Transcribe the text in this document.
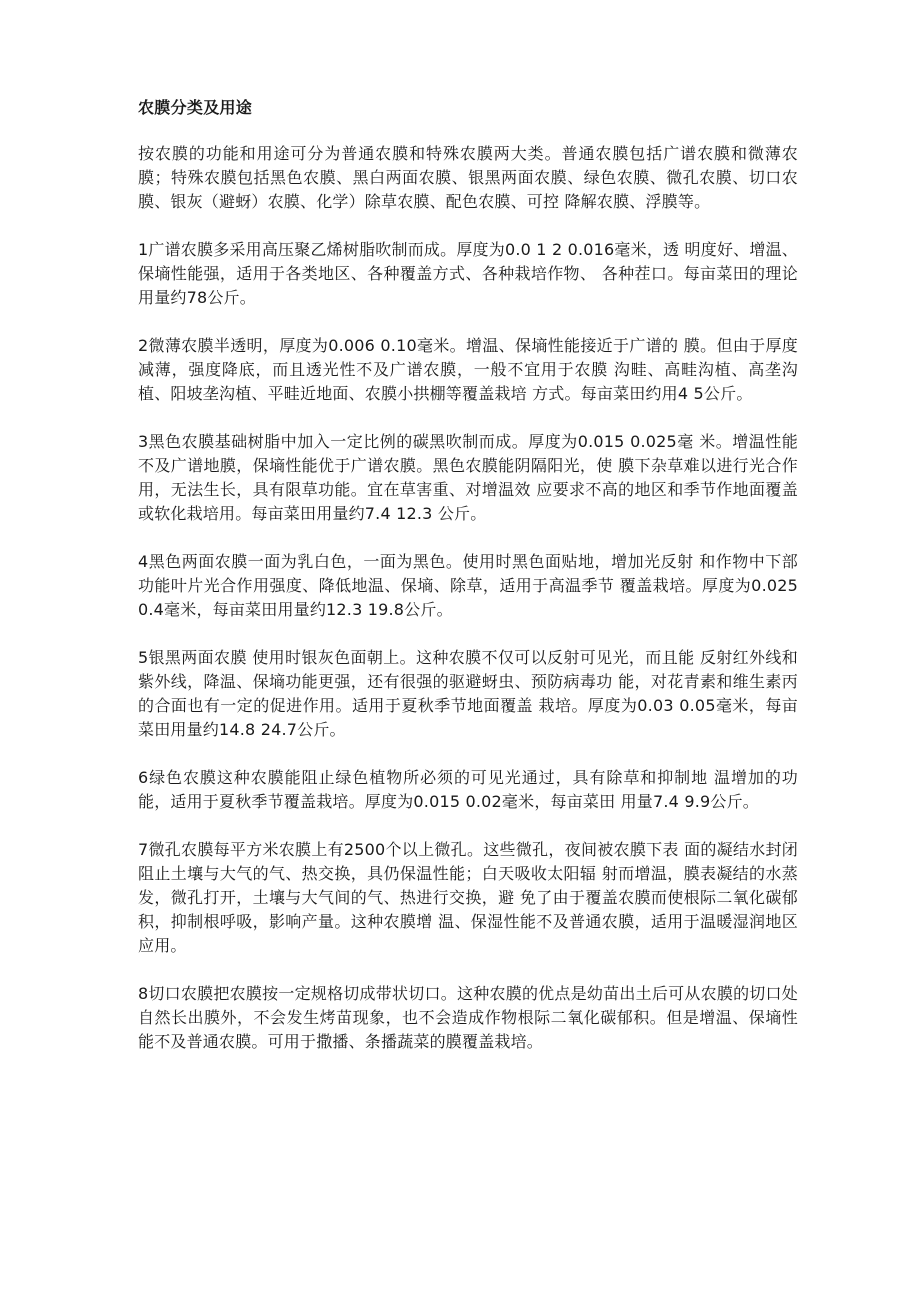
农膜分类及用途

按农膜的功能和用途可分为普通农膜和特殊农膜两大类。普通农膜包括广谱农膜和微薄农膜；特殊农膜包括黑色农膜、黑白两面农膜、银黑两面农膜、绿色农膜、微孔农膜、切口农膜、银灰（避蚜）农膜、化学）除草农膜、配色农膜、可控 降解农膜、浮膜等。

1广谱农膜多采用高压聚乙烯树脂吹制而成。厚度为0.0 1 2 0.016毫米，透 明度好、增温、保墒性能强，适用于各类地区、各种覆盖方式、各种栽培作物、 各种茬口。每亩菜田的理论用量约78公斤。

2微薄农膜半透明，厚度为0.006 0.10毫米。增温、保墒性能接近于广谱的 膜。但由于厚度减薄，强度降底，而且透光性不及广谱农膜，一般不宜用于农膜 沟畦、高畦沟植、高垄沟植、阳坡垄沟植、平畦近地面、农膜小拱棚等覆盖栽培 方式。每亩菜田约用4 5公斤。

3黑色农膜基础树脂中加入一定比例的碳黑吹制而成。厚度为0.015 0.025毫 米。增温性能不及广谱地膜，保墒性能优于广谱农膜。黑色农膜能阴隔阳光，使 膜下杂草难以进行光合作用，无法生长，具有限草功能。宜在草害重、对增温效 应要求不高的地区和季节作地面覆盖或软化栽培用。每亩菜田用量约7.4 12.3 公斤。

4黑色两面农膜一面为乳白色，一面为黑色。使用时黑色面贴地，增加光反射 和作物中下部功能叶片光合作用强度、降低地温、保墒、除草，适用于高温季节 覆盖栽培。厚度为0.025 0.4毫米，每亩菜田用量约12.3 19.8公斤。

5银黑两面农膜 使用时银灰色面朝上。这种农膜不仅可以反射可见光，而且能 反射红外线和紫外线，降温、保墒功能更强，还有很强的驱避蚜虫、预防病毒功 能，对花青素和维生素丙的合面也有一定的促进作用。适用于夏秋季节地面覆盖 栽培。厚度为0.03 0.05毫米，每亩菜田用量约14.8 24.7公斤。

6绿色农膜这种农膜能阻止绿色植物所必须的可见光通过，具有除草和抑制地 温增加的功能，适用于夏秋季节覆盖栽培。厚度为0.015 0.02毫米，每亩菜田 用量7.4 9.9公斤。

7微孔农膜每平方米农膜上有2500个以上微孔。这些微孔，夜间被农膜下表 面的凝结水封闭阻止土壤与大气的气、热交换，具仍保温性能；白天吸收太阳辐 射而增温，膜表凝结的水蒸发，微孔打开，土壤与大气间的气、热进行交换，避 免了由于覆盖农膜而使根际二氧化碳郁积，抑制根呼吸，影响产量。这种农膜增 温、保湿性能不及普通农膜，适用于温暖湿润地区应用。

8切口农膜把农膜按一定规格切成带状切口。这种农膜的优点是幼苗出土后可从农膜的切口处自然长出膜外，不会发生烤苗现象，也不会造成作物根际二氧化碳郁积。但是增温、保墒性能不及普通农膜。可用于撒播、条播蔬菜的膜覆盖栽培。
